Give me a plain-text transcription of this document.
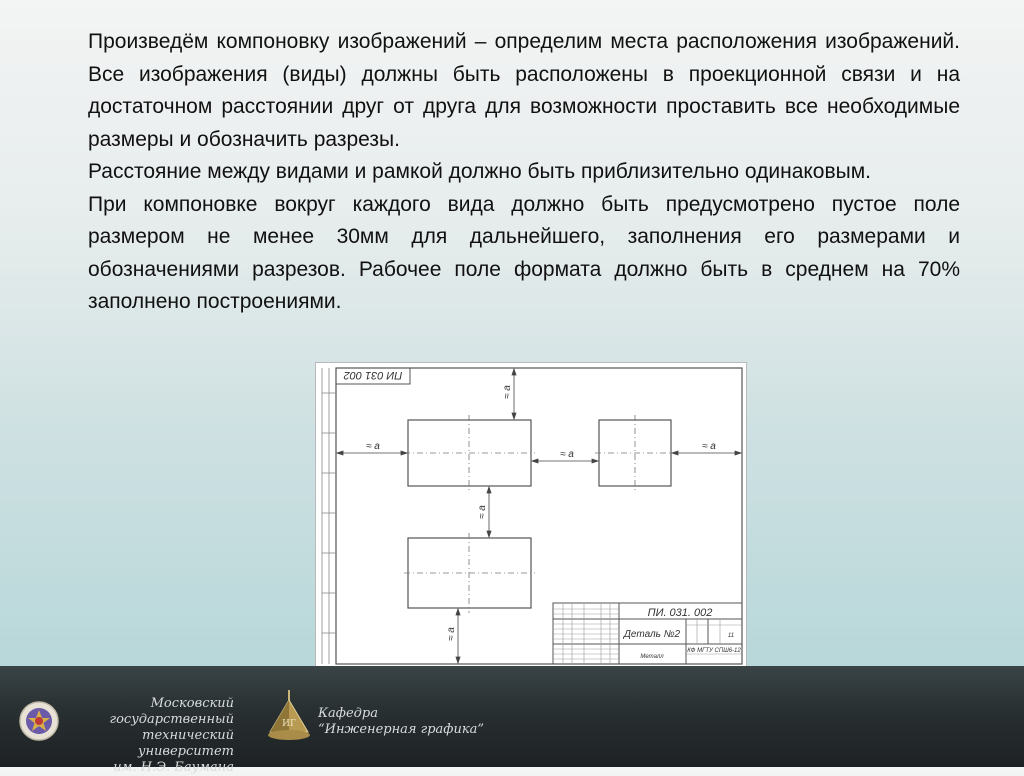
Произведём компоновку изображений – определим места расположения изображений. Все изображения (виды) должны быть расположены в проекционной связи и на достаточном расстоянии друг от друга для возможности проставить все необходимые размеры и обозначить разрезы.

Расстояние между видами и рамкой должно быть приблизительно одинаковым.

При компоновке вокруг каждого вида должно быть предусмотрено пустое поле размером не менее 30мм для дальнейшего, заполнения его размерами и обозначениями разрезов. Рабочее поле формата должно быть в среднем на 70% заполнено построениями.

ПИ 031 002
≈ a
≈ a
≈ a
≈ a
≈ a
≈ a
ПИ. 031. 002
Деталь №2	11
Металл
КФ МГТУ СПШ6-12
Московский государственный
технический университет
им. Н.Э. Баумана
ИГ
Кафедра
“Инженерная графика”
